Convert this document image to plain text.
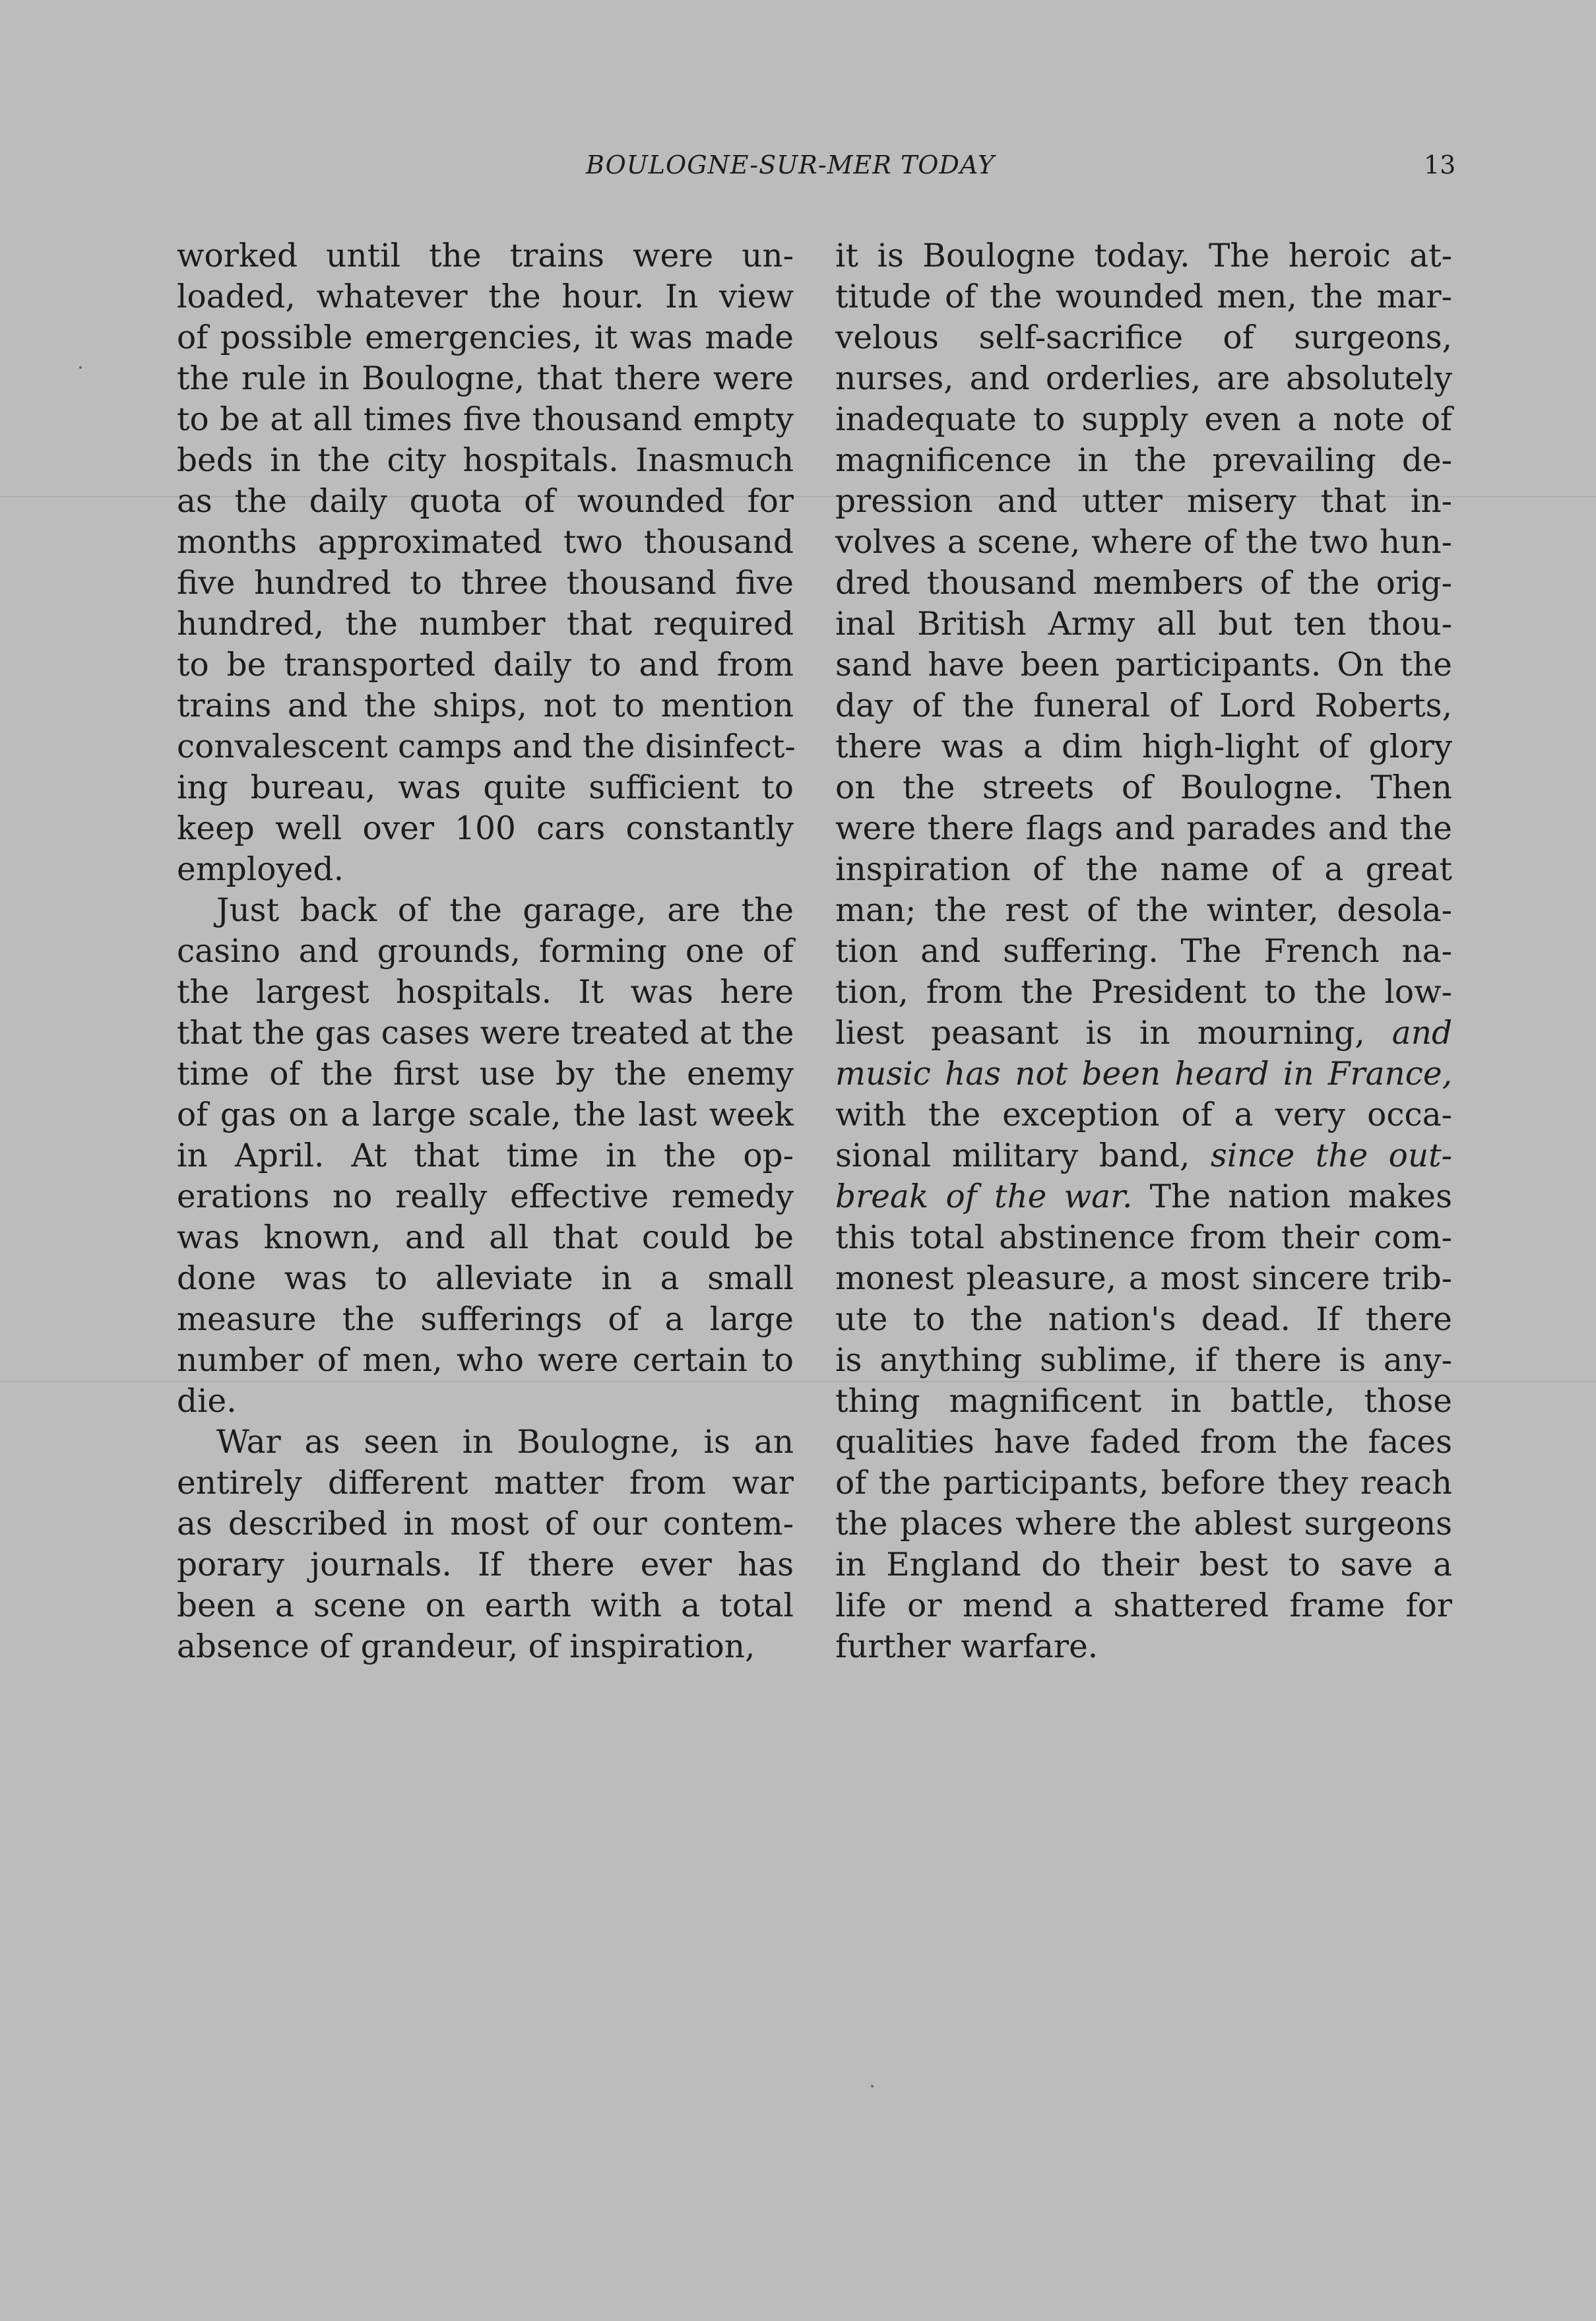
BOULOGNE-SUR-MER TODAY	13

worked until the trains were un-
loaded, whatever the hour. In view
of possible emergencies, it was made
the rule in Boulogne, that there were
to be at all times five thousand empty
beds in the city hospitals. Inasmuch
as the daily quota of wounded for
months approximated two thousand
five hundred to three thousand five
hundred, the number that required
to be transported daily to and from
trains and the ships, not to mention
convalescent camps and the disinfect-
ing bureau, was quite sufficient to
keep well over 100 cars constantly
employed.

Just back of the garage, are the
casino and grounds, forming one of
the largest hospitals. It was here
that the gas cases were treated at the
time of the first use by the enemy
of gas on a large scale, the last week
in April. At that time in the op-
erations no really effective remedy
was known, and all that could be
done was to alleviate in a small
measure the sufferings of a large
number of men, who were certain to
die.

War as seen in Boulogne, is an
entirely different matter from war
as described in most of our contem-
porary journals. If there ever has
been a scene on earth with a total
absence of grandeur, of inspiration,

it is Boulogne today. The heroic at-
titude of the wounded men, the mar-
velous self-sacrifice of surgeons,
nurses, and orderlies, are absolutely
inadequate to supply even a note of
magnificence in the prevailing de-
pression and utter misery that in-
volves a scene, where of the two hun-
dred thousand members of the orig-
inal British Army all but ten thou-
sand have been participants. On the
day of the funeral of Lord Roberts,
there was a dim high-light of glory
on the streets of Boulogne. Then
were there flags and parades and the
inspiration of the name of a great
man; the rest of the winter, desola-
tion and suffering. The French na-
tion, from the President to the low-
liest peasant is in mourning, and
music has not been heard in France,
with the exception of a very occa-
sional military band, since the out-
break of the war. The nation makes
this total abstinence from their com-
monest pleasure, a most sincere trib-
ute to the nation's dead. If there
is anything sublime, if there is any-
thing magnificent in battle, those
qualities have faded from the faces
of the participants, before they reach
the places where the ablest surgeons
in England do their best to save a
life or mend a shattered frame for
further warfare.
